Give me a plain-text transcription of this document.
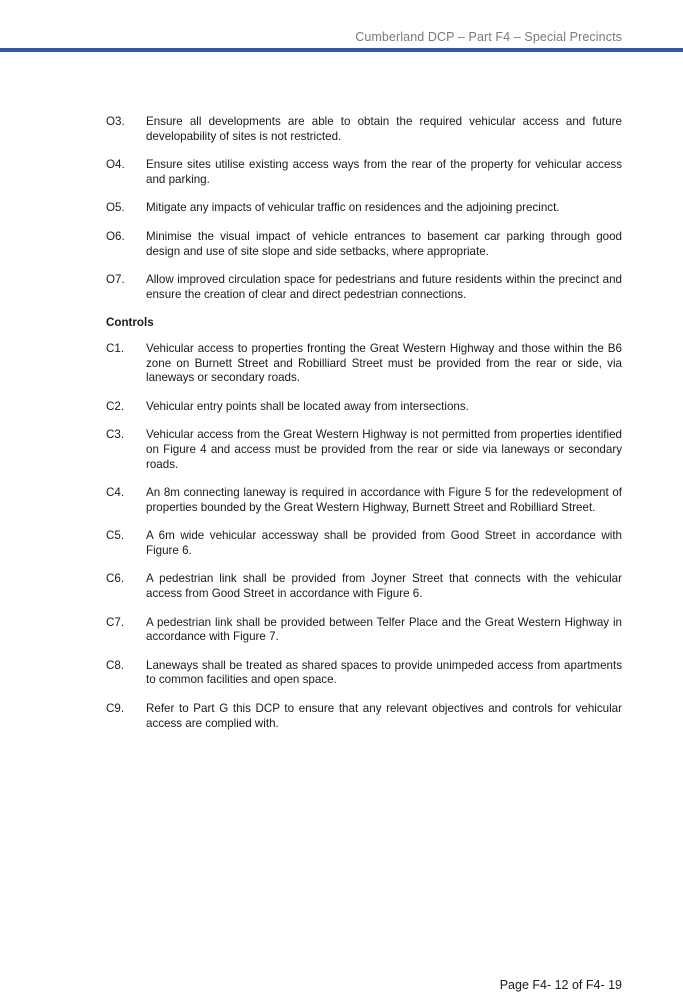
Cumberland DCP – Part F4 – Special Precincts
O3.	Ensure all developments are able to obtain the required vehicular access and future developability of sites is not restricted.
O4.	Ensure sites utilise existing access ways from the rear of the property for vehicular access and parking.
O5.	Mitigate any impacts of vehicular traffic on residences and the adjoining precinct.
O6.	Minimise the visual impact of vehicle entrances to basement car parking through good design and use of site slope and side setbacks, where appropriate.
O7.	Allow improved circulation space for pedestrians and future residents within the precinct and ensure the creation of clear and direct pedestrian connections.
Controls
C1.	Vehicular access to properties fronting the Great Western Highway and those within the B6 zone on Burnett Street and Robilliard Street must be provided from the rear or side, via laneways or secondary roads.
C2.	Vehicular entry points shall be located away from intersections.
C3.	Vehicular access from the Great Western Highway is not permitted from properties identified on Figure 4 and access must be provided from the rear or side via laneways or secondary roads.
C4.	An 8m connecting laneway is required in accordance with Figure 5 for the redevelopment of properties bounded by the Great Western Highway, Burnett Street and Robilliard Street.
C5.	A 6m wide vehicular accessway shall be provided from Good Street in accordance with Figure 6.
C6.	A pedestrian link shall be provided from Joyner Street that connects with the vehicular access from Good Street in accordance with Figure 6.
C7.	A pedestrian link shall be provided between Telfer Place and the Great Western Highway in accordance with Figure 7.
C8.	Laneways shall be treated as shared spaces to provide unimpeded access from apartments to common facilities and open space.
C9.	Refer to Part G this DCP to ensure that any relevant objectives and controls for vehicular access are complied with.
Page F4- 12 of F4- 19
